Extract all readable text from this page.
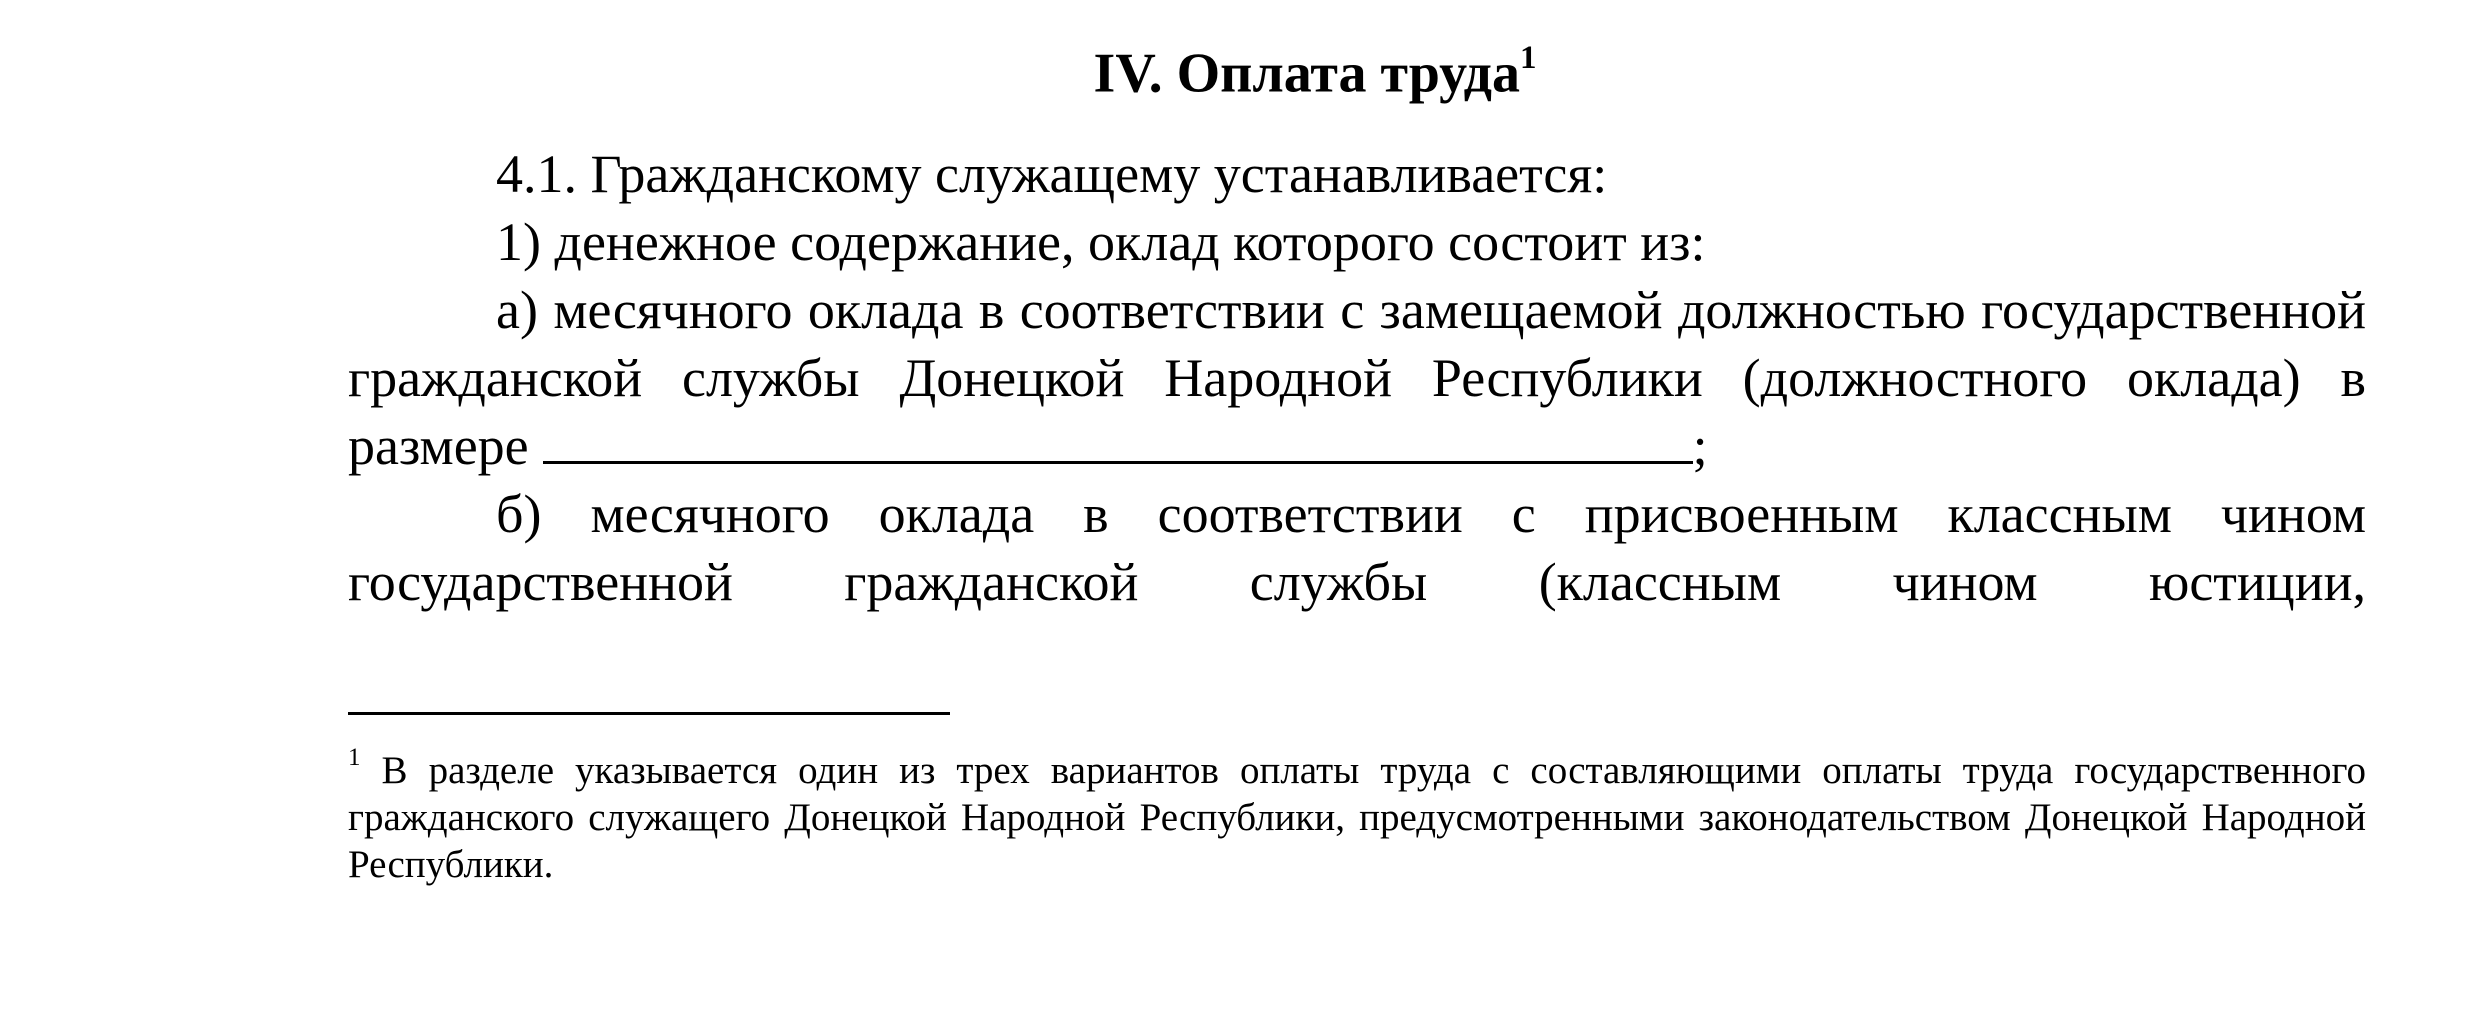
IV. Оплата труда$^1$

4.1. Гражданскому служащему устанавливается:

1) денежное содержание, оклад которого состоит из:

а) месячного оклада в соответствии с замещаемой должностью государственной гражданской службы Донецкой Народной Республики (должностного оклада) в размере	;

б) месячного оклада в соответствии с присвоенным классным чином государственной гражданской службы (классным чином юстиции,

$^1$ В разделе указывается один из трех вариантов оплаты труда с составляющими оплаты труда государственного гражданского служащего Донецкой Народной Республики, предусмотренными законодательством Донецкой Народной Республики.
